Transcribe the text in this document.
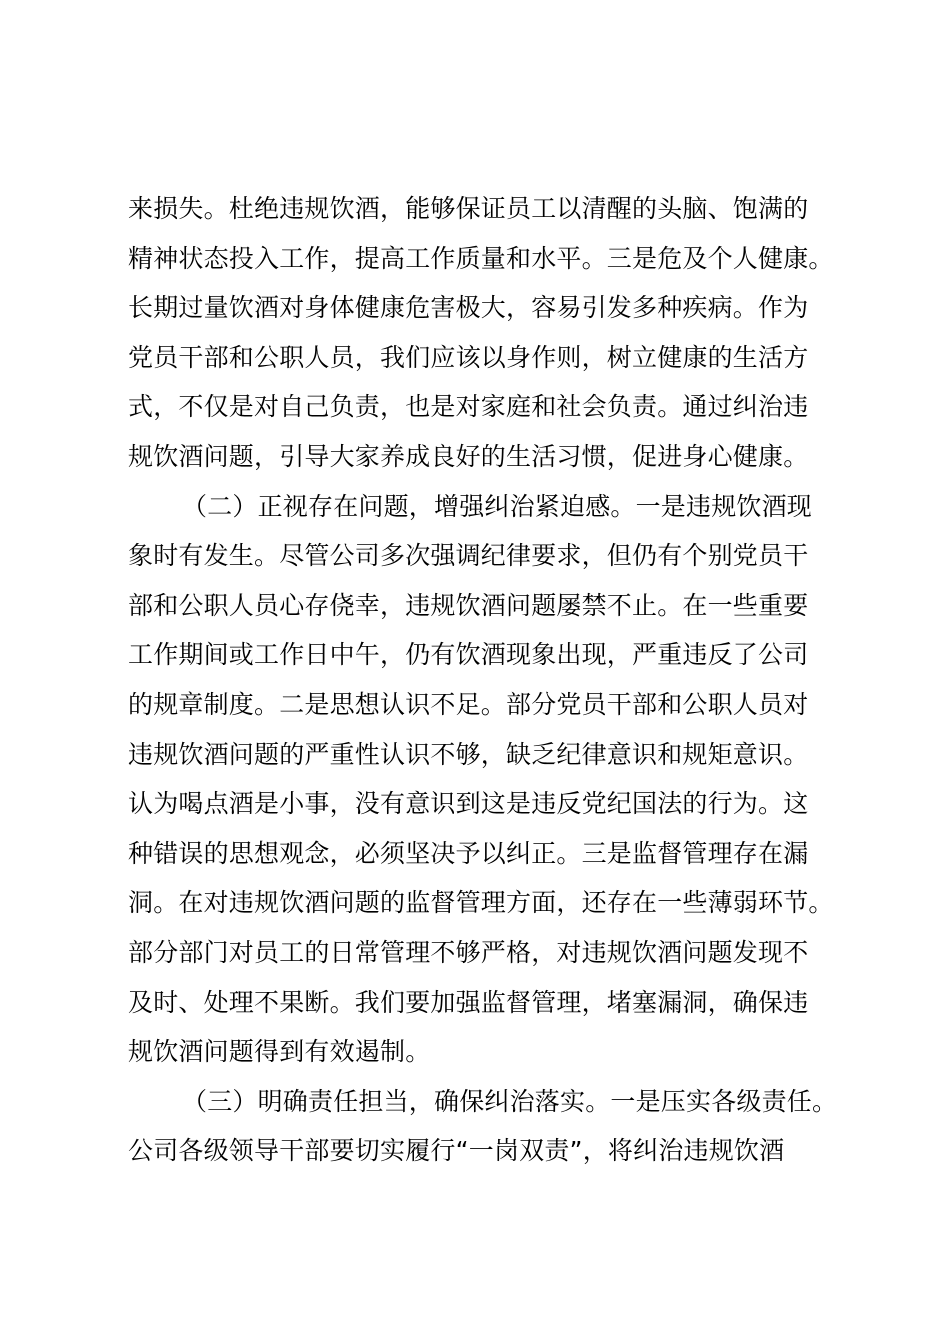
来损失。杜绝违规饮酒，能够保证员工以清醒的头脑、饱满的
精神状态投入工作，提高工作质量和水平。三是危及个人健康。
长期过量饮酒对身体健康危害极大，容易引发多种疾病。作为
党员干部和公职人员，我们应该以身作则，树立健康的生活方
式，不仅是对自己负责，也是对家庭和社会负责。通过纠治违
规饮酒问题，引导大家养成良好的生活习惯，促进身心健康。
（二）正视存在问题，增强纠治紧迫感。一是违规饮酒现
象时有发生。尽管公司多次强调纪律要求，但仍有个别党员干
部和公职人员心存侥幸，违规饮酒问题屡禁不止。在一些重要
工作期间或工作日中午，仍有饮酒现象出现，严重违反了公司
的规章制度。二是思想认识不足。部分党员干部和公职人员对
违规饮酒问题的严重性认识不够，缺乏纪律意识和规矩意识。
认为喝点酒是小事，没有意识到这是违反党纪国法的行为。这
种错误的思想观念，必须坚决予以纠正。三是监督管理存在漏
洞。在对违规饮酒问题的监督管理方面，还存在一些薄弱环节。
部分部门对员工的日常管理不够严格，对违规饮酒问题发现不
及时、处理不果断。我们要加强监督管理，堵塞漏洞，确保违
规饮酒问题得到有效遏制。
（三）明确责任担当，确保纠治落实。一是压实各级责任。
公司各级领导干部要切实履行“一岗双责”，将纠治违规饮酒
